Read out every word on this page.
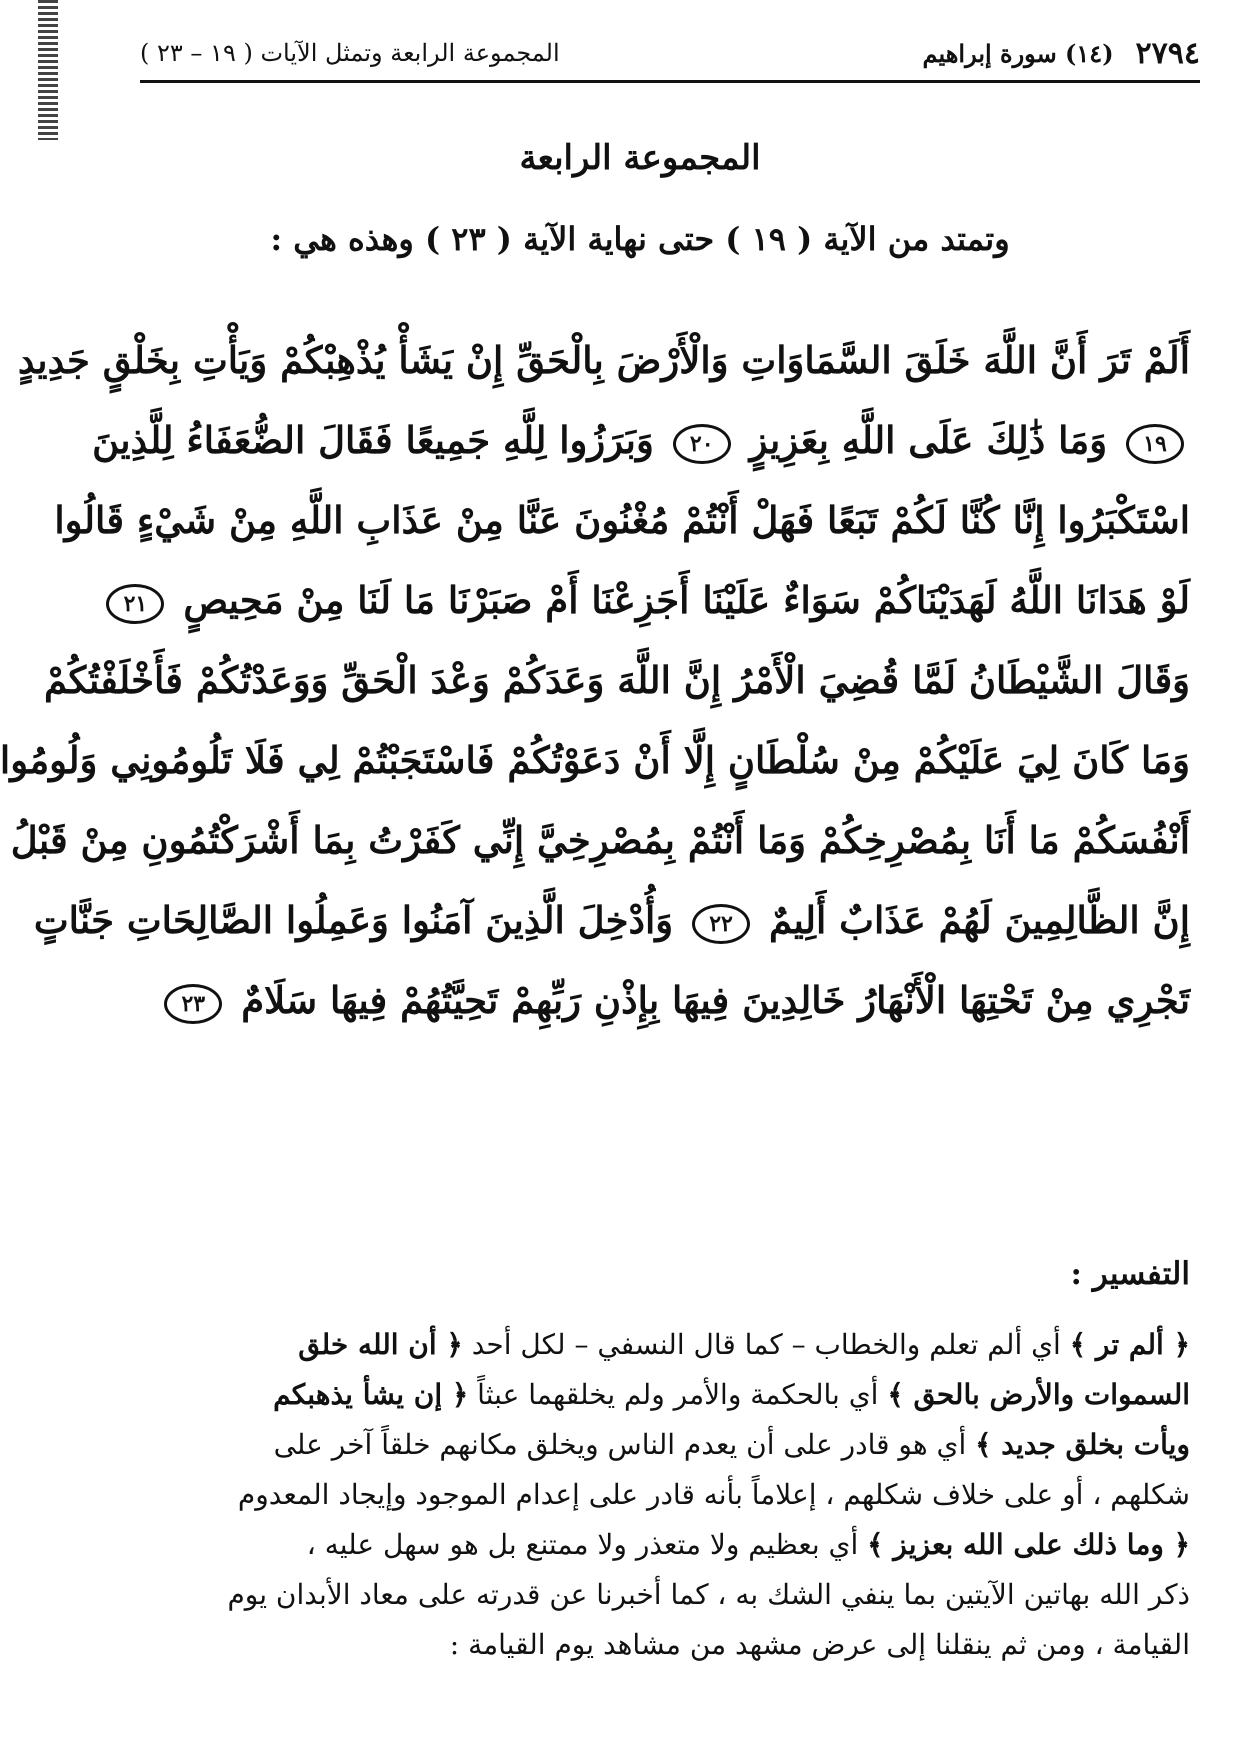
٢٧٩٤
(١٤) سورة إبراهيم
المجموعة الرابعة وتمثل الآيات ( ١٩ – ٢٣ )
المجموعة الرابعة
وتمتد من الآية ( ١٩ ) حتى نهاية الآية ( ٢٣ ) وهذه هي :
أَلَمْ تَرَ أَنَّ اللَّهَ خَلَقَ السَّمَاوَاتِ وَالْأَرْضَ بِالْحَقِّ إِنْ يَشَأْ يُذْهِبْكُمْ وَيَأْتِ بِخَلْقٍ جَدِيدٍ
١٩ وَمَا ذَٰلِكَ عَلَى اللَّهِ بِعَزِيزٍ ٢٠ وَبَرَزُوا لِلَّهِ جَمِيعًا فَقَالَ الضُّعَفَاءُ لِلَّذِينَ
اسْتَكْبَرُوا إِنَّا كُنَّا لَكُمْ تَبَعًا فَهَلْ أَنْتُمْ مُغْنُونَ عَنَّا مِنْ عَذَابِ اللَّهِ مِنْ شَيْءٍ قَالُوا
لَوْ هَدَانَا اللَّهُ لَهَدَيْنَاكُمْ سَوَاءٌ عَلَيْنَا أَجَزِعْنَا أَمْ صَبَرْنَا مَا لَنَا مِنْ مَحِيصٍ ٢١
وَقَالَ الشَّيْطَانُ لَمَّا قُضِيَ الْأَمْرُ إِنَّ اللَّهَ وَعَدَكُمْ وَعْدَ الْحَقِّ وَوَعَدْتُكُمْ فَأَخْلَفْتُكُمْ
وَمَا كَانَ لِيَ عَلَيْكُمْ مِنْ سُلْطَانٍ إِلَّا أَنْ دَعَوْتُكُمْ فَاسْتَجَبْتُمْ لِي فَلَا تَلُومُونِي وَلُومُوا
أَنْفُسَكُمْ مَا أَنَا بِمُصْرِخِكُمْ وَمَا أَنْتُمْ بِمُصْرِخِيَّ إِنِّي كَفَرْتُ بِمَا أَشْرَكْتُمُونِ مِنْ قَبْلُ
إِنَّ الظَّالِمِينَ لَهُمْ عَذَابٌ أَلِيمٌ ٢٢ وَأُدْخِلَ الَّذِينَ آمَنُوا وَعَمِلُوا الصَّالِحَاتِ جَنَّاتٍ
تَجْرِي مِنْ تَحْتِهَا الْأَنْهَارُ خَالِدِينَ فِيهَا بِإِذْنِ رَبِّهِمْ تَحِيَّتُهُمْ فِيهَا سَلَامٌ ٢٣
التفسير :
﴿ ألم تر ﴾ أي ألم تعلم والخطاب – كما قال النسفي – لكل أحد ﴿ أن الله خلق
السموات والأرض بالحق ﴾ أي بالحكمة والأمر ولم يخلقهما عبثاً ﴿ إن يشأ يذهبكم
ويأت بخلق جديد ﴾ أي هو قادر على أن يعدم الناس ويخلق مكانهم خلقاً آخر على
شكلهم ، أو على خلاف شكلهم ، إعلاماً بأنه قادر على إعدام الموجود وإيجاد المعدوم
﴿ وما ذلك على الله بعزيز ﴾ أي بعظيم ولا متعذر ولا ممتنع بل هو سهل عليه ،
ذكر الله بهاتين الآيتين بما ينفي الشك به ، كما أخبرنا عن قدرته على معاد الأبدان يوم
القيامة ، ومن ثم ينقلنا إلى عرض مشهد من مشاهد يوم القيامة :
